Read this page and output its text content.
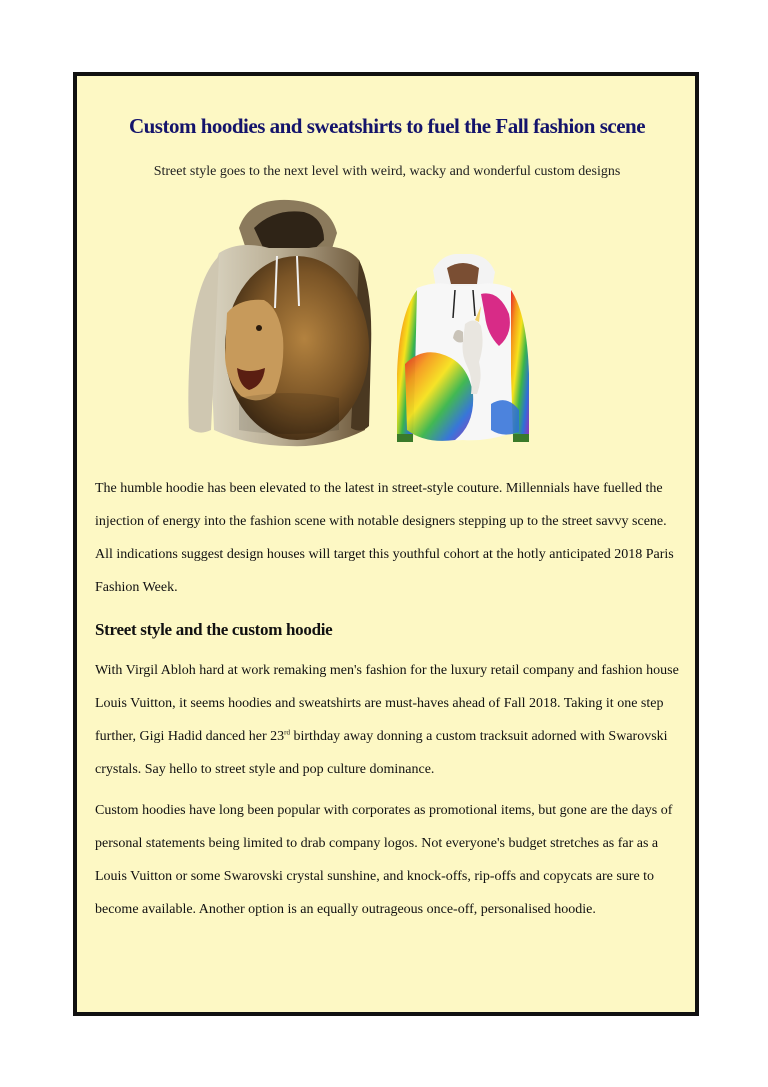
Custom hoodies and sweatshirts to fuel the Fall fashion scene
Street style goes to the next level with weird, wacky and wonderful custom designs

The humble hoodie has been elevated to the latest in street-style couture. Millennials have fuelled the injection of energy into the fashion scene with notable designers stepping up to the street savvy scene. All indications suggest design houses will target this youthful cohort at the hotly anticipated 2018 Paris Fashion Week.

Street style and the custom hoodie

With Virgil Abloh hard at work remaking men's fashion for the luxury retail company and fashion house Louis Vuitton, it seems hoodies and sweatshirts are must-haves ahead of Fall 2018. Taking it one step further, Gigi Hadid danced her 23rd birthday away donning a custom tracksuit adorned with Swarovski crystals. Say hello to street style and pop culture dominance.

Custom hoodies have long been popular with corporates as promotional items, but gone are the days of personal statements being limited to drab company logos. Not everyone's budget stretches as far as a Louis Vuitton or some Swarovski crystal sunshine, and knock-offs, rip-offs and copycats are sure to become available. Another option is an equally outrageous once-off, personalised hoodie.
